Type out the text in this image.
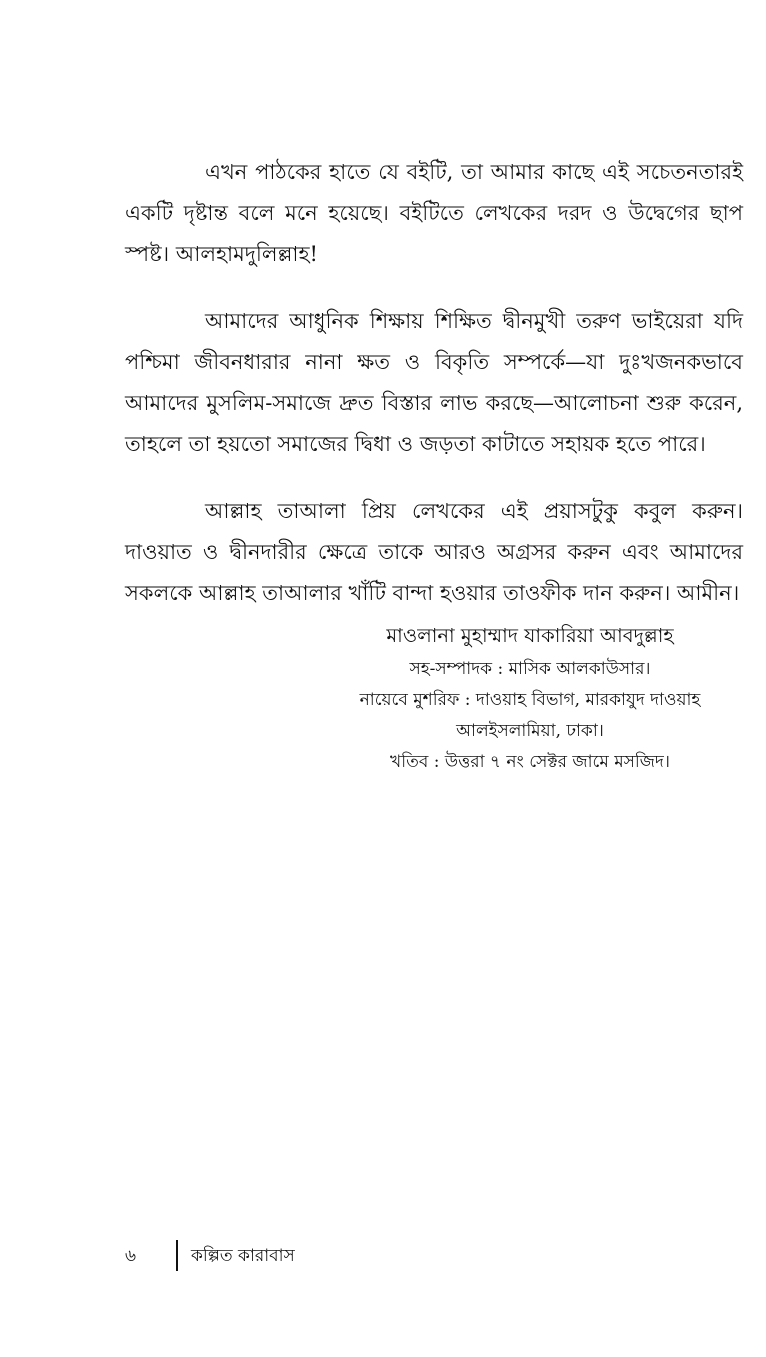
এখন পাঠকের হাতে যে বইটি, তা আমার কাছে এই সচেতনতারই একটি দৃষ্টান্ত বলে মনে হয়েছে। বইটিতে লেখকের দরদ ও উদ্বেগের ছাপ স্পষ্ট। আলহামদুলিল্লাহ!

আমাদের আধুনিক শিক্ষায় শিক্ষিত দ্বীনমুখী তরুণ ভাইয়েরা যদি পশ্চিমা জীবনধারার নানা ক্ষত ও বিকৃতি সম্পর্কে—যা দুঃখজনকভাবে আমাদের মুসলিম-সমাজে দ্রুত বিস্তার লাভ করছে—আলোচনা শুরু করেন, তাহলে তা হয়তো সমাজের দ্বিধা ও জড়তা কাটাতে সহায়ক হতে পারে।

আল্লাহ তাআলা প্রিয় লেখকের এই প্রয়াসটুকু কবুল করুন। দাওয়াত ও দ্বীনদারীর ক্ষেত্রে তাকে আরও অগ্রসর করুন এবং আমাদের সকলকে আল্লাহ তাআলার খাঁটি বান্দা হওয়ার তাওফীক দান করুন। আমীন।

মাওলানা মুহাম্মাদ যাকারিয়া আবদুল্লাহ

সহ-সম্পাদক : মাসিক আলকাউসার।

নায়েবে মুশরিফ : দাওয়াহ বিভাগ, মারকাযুদ দাওয়াহ

আলইসলামিয়া, ঢাকা।

খতিব : উত্তরা ৭ নং সেক্টর জামে মসজিদ।

৬	কল্পিত কারাবাস
